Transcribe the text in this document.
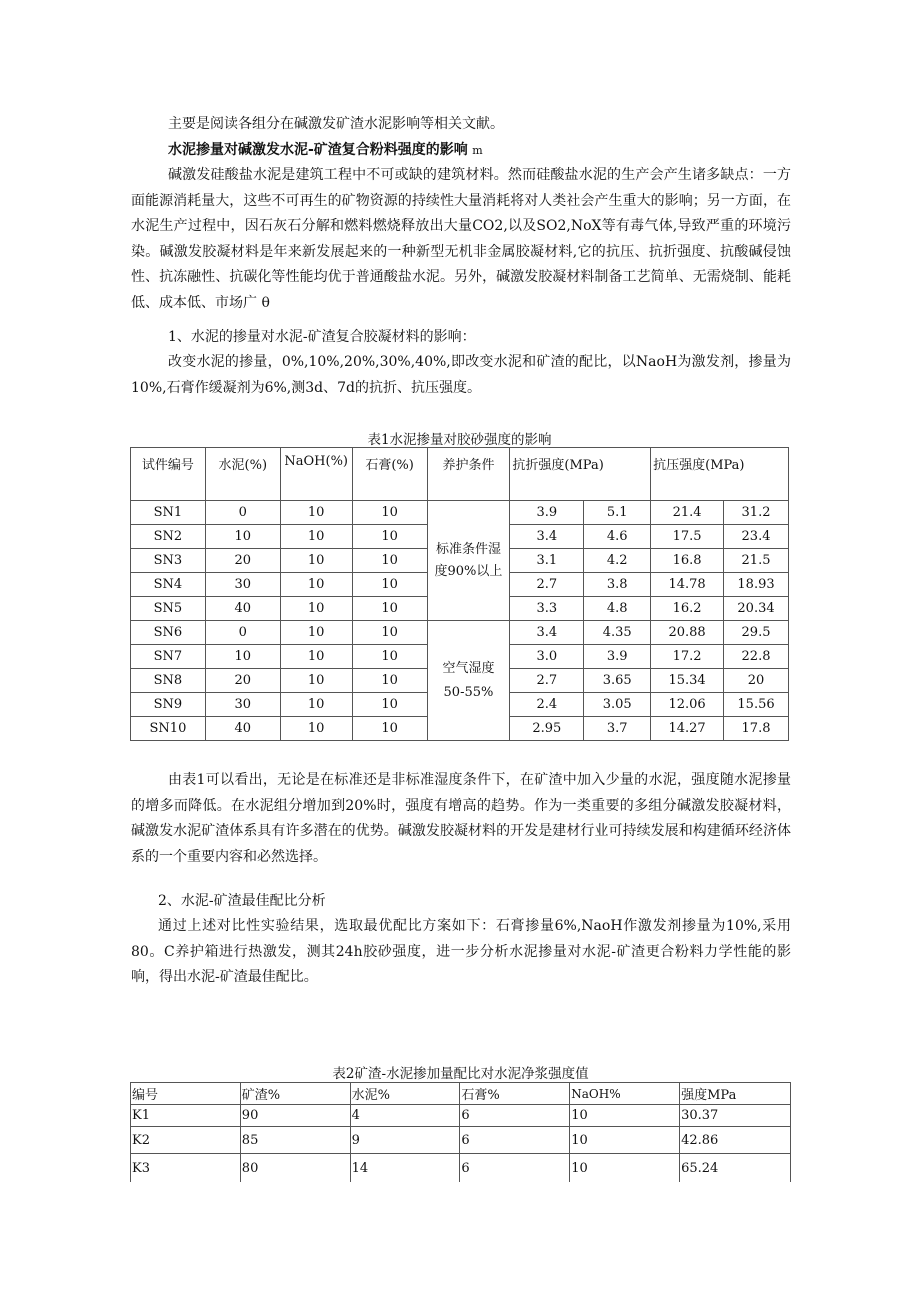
主要是阅读各组分在碱激发矿渣水泥影响等相关文献。

水泥掺量对碱激发水泥-矿渣复合粉料强度的影响 m

碱激发硅酸盐水泥是建筑工程中不可或缺的建筑材料。然而硅酸盐水泥的生产会产生诸多缺点：一方面能源消耗量大，这些不可再生的矿物资源的持续性大量消耗将对人类社会产生重大的影响；另一方面，在水泥生产过程中，因石灰石分解和燃料燃烧释放出大量CO2,以及SO2,NoX等有毒气体,导致严重的环境污染。碱激发胶凝材料是年来新发展起来的一种新型无机非金属胶凝材料,它的抗压、抗折强度、抗酸碱侵蚀性、抗冻融性、抗碳化等性能均优于普通酸盐水泥。另外，碱激发胶凝材料制备工艺简单、无需烧制、能耗低、成本低、市场广 θ

1、水泥的掺量对水泥-矿渣复合胶凝材料的影响：

改变水泥的掺量，0%,10%,20%,30%,40%,即改变水泥和矿渣的配比，以NaoH为激发剂，掺量为10%,石膏作缓凝剂为6%,测3d、7d的抗折、抗压强度。

表1水泥掺量对胶砂强度的影响

试件编号	水泥(%)	NaOH(%)	石膏(%)	养护条件	抗折强度(MPa)		抗压强度(MPa)	
SN1	0	10	10	标准条件湿度90%以上	3.9	5.1	21.4	31.2
SN2	10	10	10		3.4	4.6	17.5	23.4
SN3	20	10	10		3.1	4.2	16.8	21.5
SN4	30	10	10		2.7	3.8	14.78	18.93
SN5	40	10	10		3.3	4.8	16.2	20.34
SN6	0	10	10	空气湿度50-55%	3.4	4.35	20.88	29.5
SN7	10	10	10		3.0	3.9	17.2	22.8
SN8	20	10	10		2.7	3.65	15.34	20
SN9	30	10	10		2.4	3.05	12.06	15.56
SN10	40	10	10		2.95	3.7	14.27	17.8

由表1可以看出，无论是在标准还是非标准湿度条件下，在矿渣中加入少量的水泥，强度随水泥掺量的增多而降低。在水泥组分增加到20%时，强度有增高的趋势。作为一类重要的多组分碱激发胶凝材料，碱激发水泥矿渣体系具有许多潜在的优势。碱激发胶凝材料的开发是建材行业可持续发展和构建循环经济体系的一个重要内容和必然选择。

2、水泥-矿渣最佳配比分析

通过上述对比性实验结果，选取最优配比方案如下：石膏掺量6%,NaoH作激发剂掺量为10%,采用80。C养护箱进行热激发，测其24h胶砂强度，进一步分析水泥掺量对水泥-矿渣更合粉料力学性能的影响，得出水泥-矿渣最佳配比。

表2矿渣-水泥掺加量配比对水泥净浆强度值

编号	矿渣%	水泥%	石膏%	NaOH%	强度MPa
K1	90	4	6	10	30.37
K2	85	9	6	10	42.86
K3	80	14	6	10	65.24
